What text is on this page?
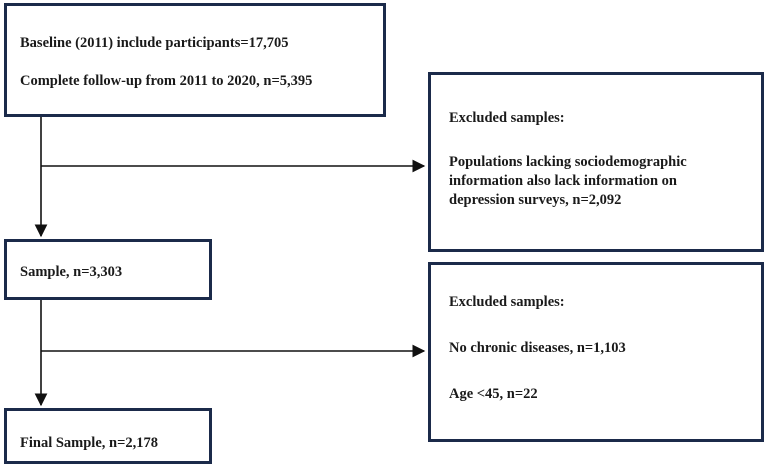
Baseline (2011) include participants=17,705
Complete follow-up from 2011 to 2020, n=5,395
Excluded samples:
Populations lacking sociodemographic
information also lack information on
depression surveys, n=2,092
Sample, n=3,303
Excluded samples:
No chronic diseases, n=1,103
Age <45, n=22
Final Sample, n=2,178
